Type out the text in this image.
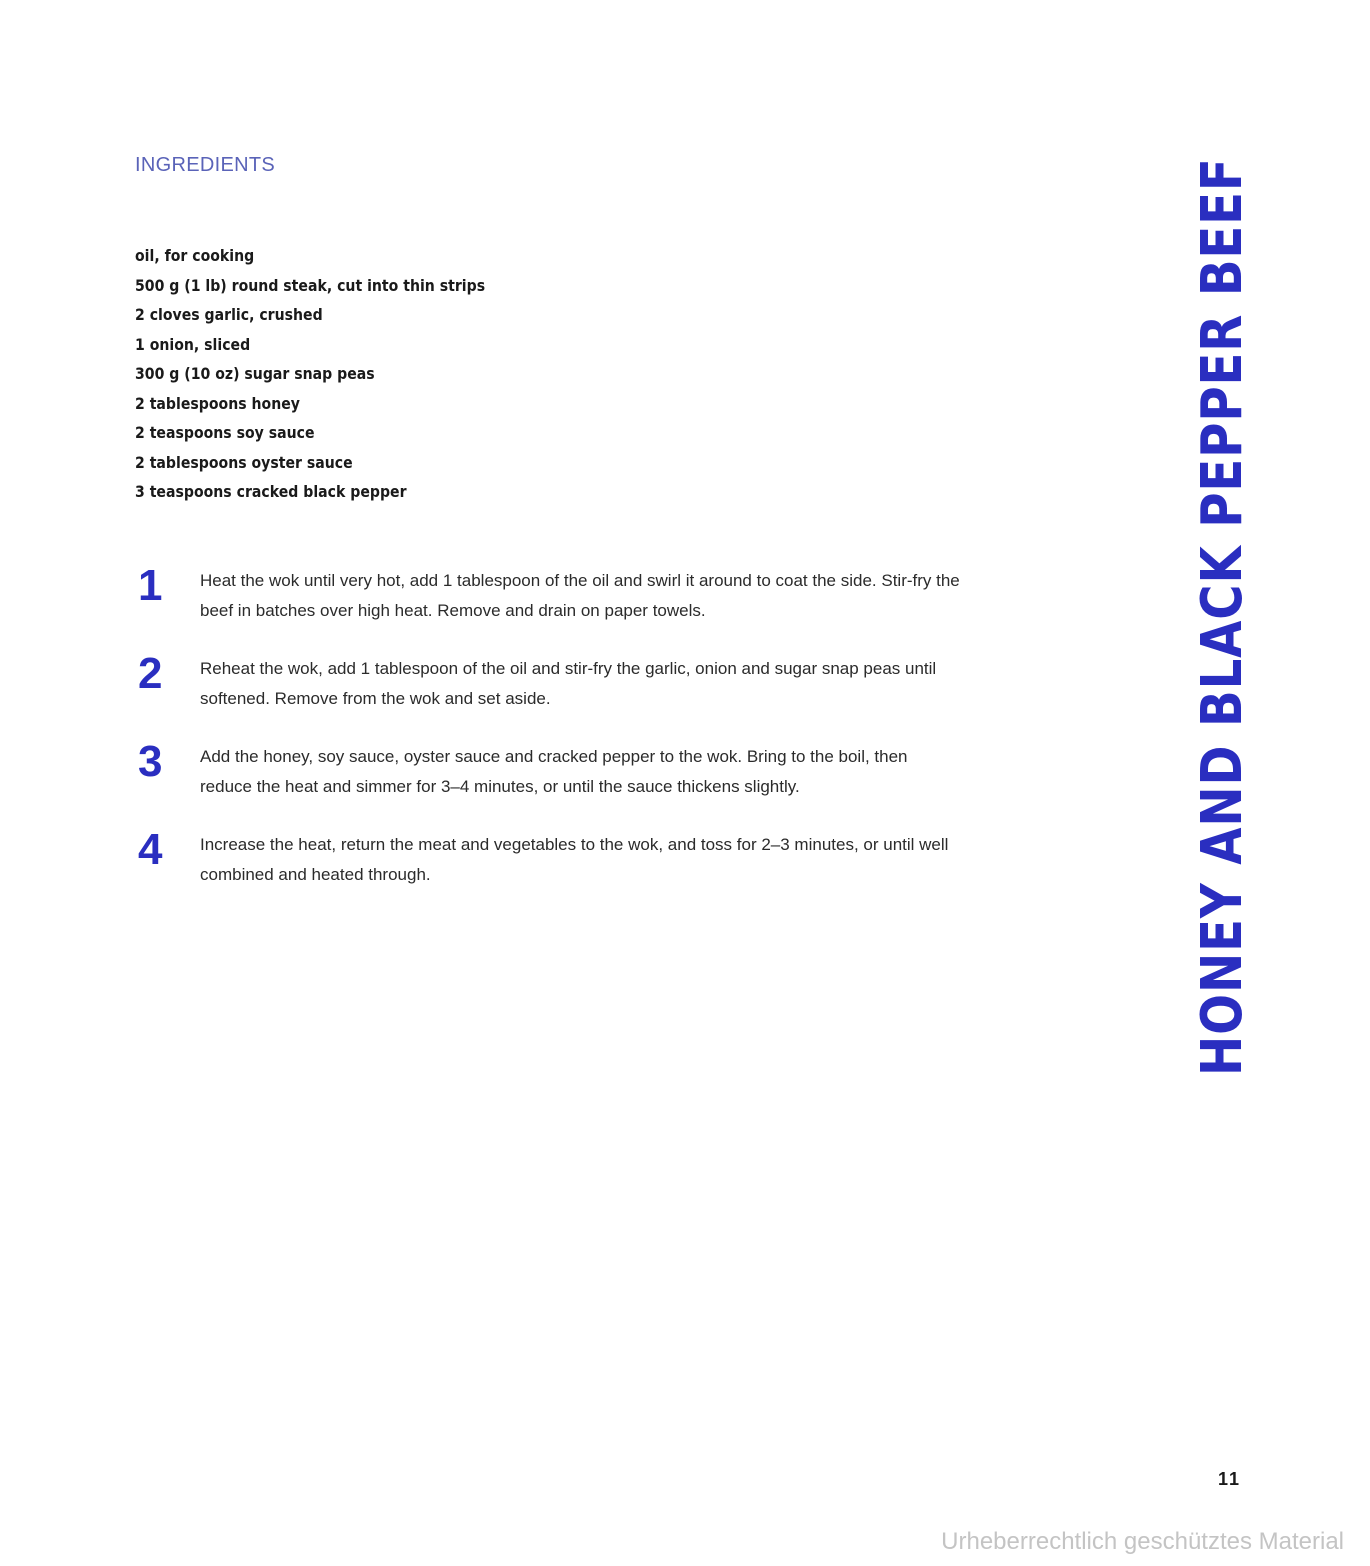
INGREDIENTS
oil, for cooking
500 g (1 lb) round steak, cut into thin strips
2 cloves garlic, crushed
1 onion, sliced
300 g (10 oz) sugar snap peas
2 tablespoons honey
2 teaspoons soy sauce
2 tablespoons oyster sauce
3 teaspoons cracked black pepper
1 Heat the wok until very hot, add 1 tablespoon of the oil and swirl it around to coat the side. Stir-fry the beef in batches over high heat. Remove and drain on paper towels.
2 Reheat the wok, add 1 tablespoon of the oil and stir-fry the garlic, onion and sugar snap peas until softened. Remove from the wok and set aside.
3 Add the honey, soy sauce, oyster sauce and cracked pepper to the wok. Bring to the boil, then reduce the heat and simmer for 3–4 minutes, or until the sauce thickens slightly.
4 Increase the heat, return the meat and vegetables to the wok, and toss for 2–3 minutes, or until well combined and heated through.	HONEY AND BLACK PEPPER BEEF
11
Urheberrechtlich geschütztes Material
